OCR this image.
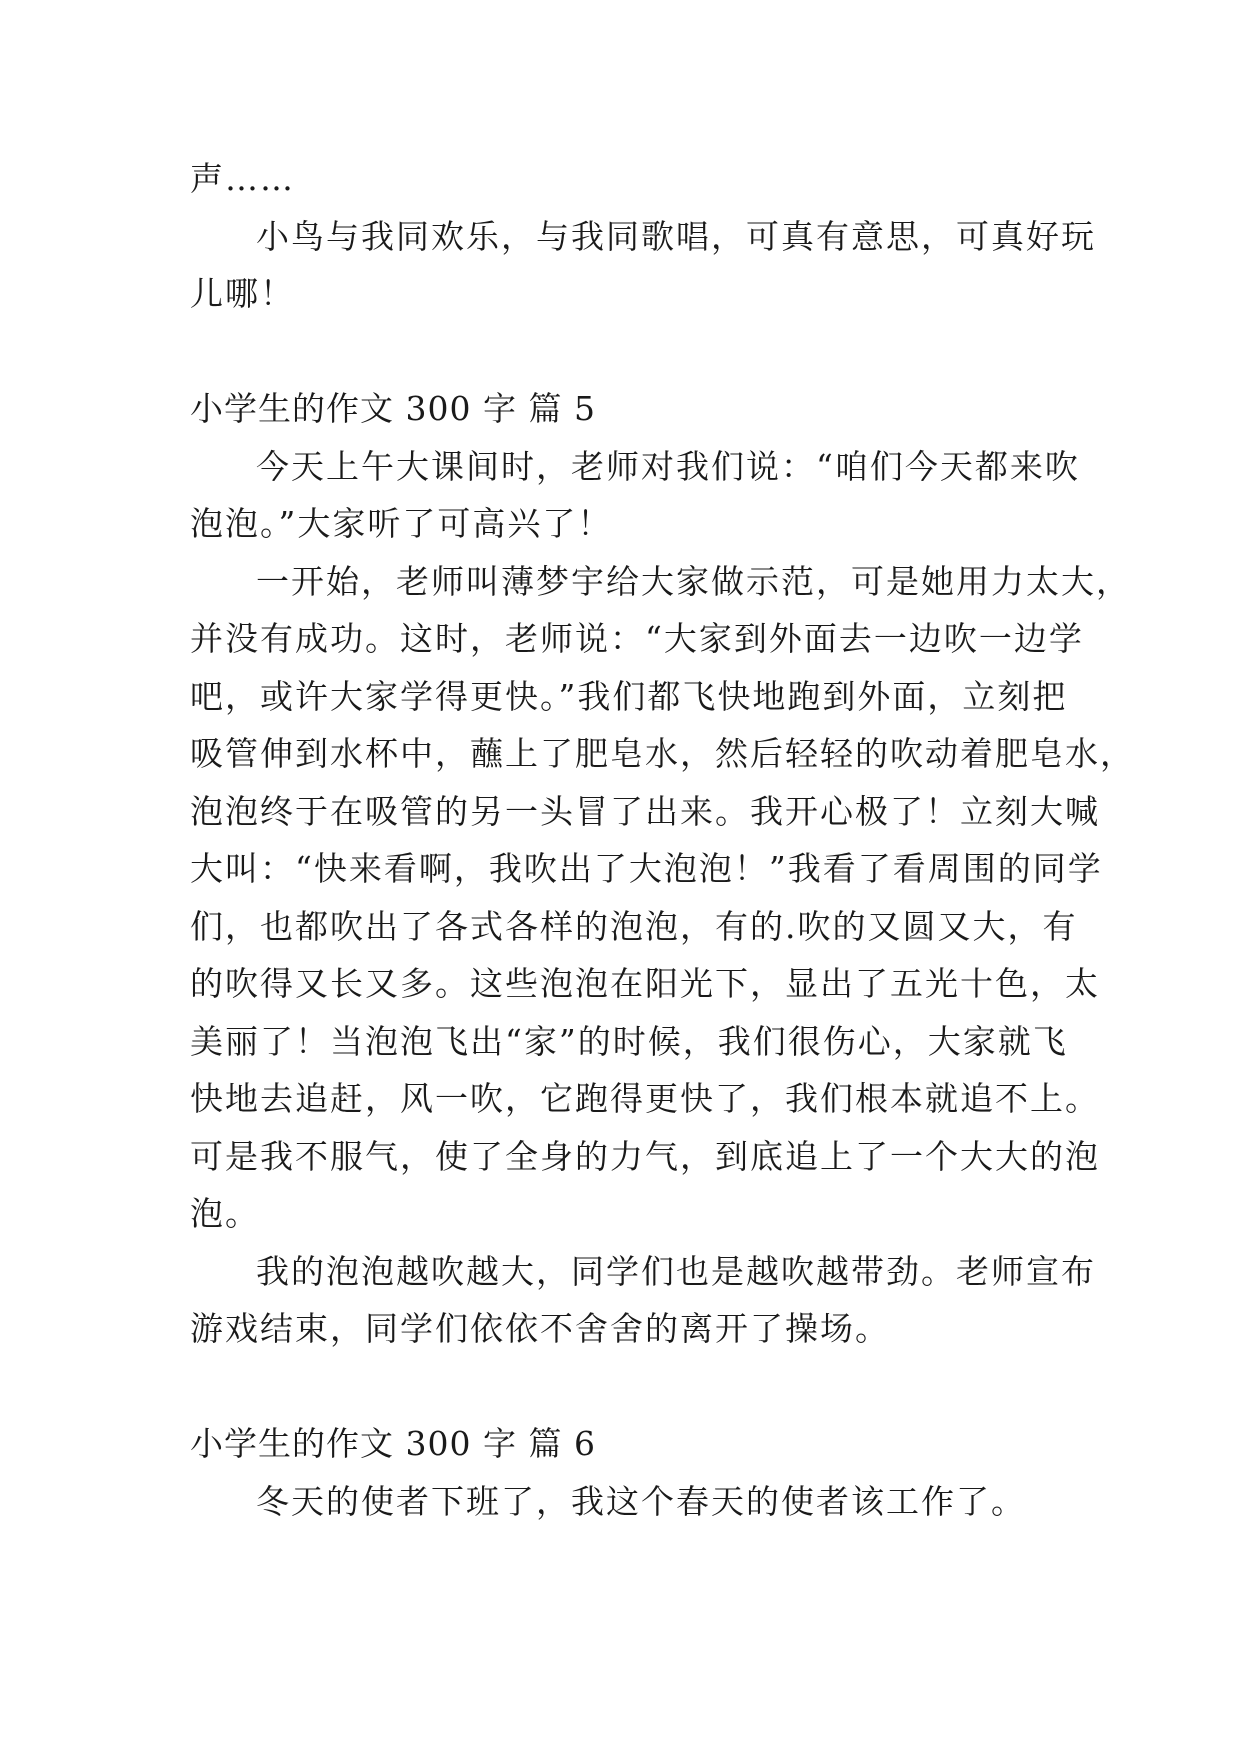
声……
小鸟与我同欢乐，与我同歌唱，可真有意思，可真好玩
儿哪！
小学生的作文 300 字 篇 5
今天上午大课间时，老师对我们说：“咱们今天都来吹
泡泡。”大家听了可高兴了！
一开始，老师叫薄梦宇给大家做示范，可是她用力太大，
并没有成功。这时，老师说：“大家到外面去一边吹一边学
吧，或许大家学得更快。”我们都飞快地跑到外面，立刻把
吸管伸到水杯中，蘸上了肥皂水，然后轻轻的吹动着肥皂水，
泡泡终于在吸管的另一头冒了出来。我开心极了！立刻大喊
大叫：“快来看啊，我吹出了大泡泡！”我看了看周围的同学
们，也都吹出了各式各样的泡泡，有的.吹的又圆又大，有
的吹得又长又多。这些泡泡在阳光下，显出了五光十色，太
美丽了！当泡泡飞出“家”的时候，我们很伤心，大家就飞
快地去追赶，风一吹，它跑得更快了，我们根本就追不上。
可是我不服气，使了全身的力气，到底追上了一个大大的泡
泡。
我的泡泡越吹越大，同学们也是越吹越带劲。老师宣布
游戏结束，同学们依依不舍舍的离开了操场。
小学生的作文 300 字 篇 6
冬天的使者下班了，我这个春天的使者该工作了。
